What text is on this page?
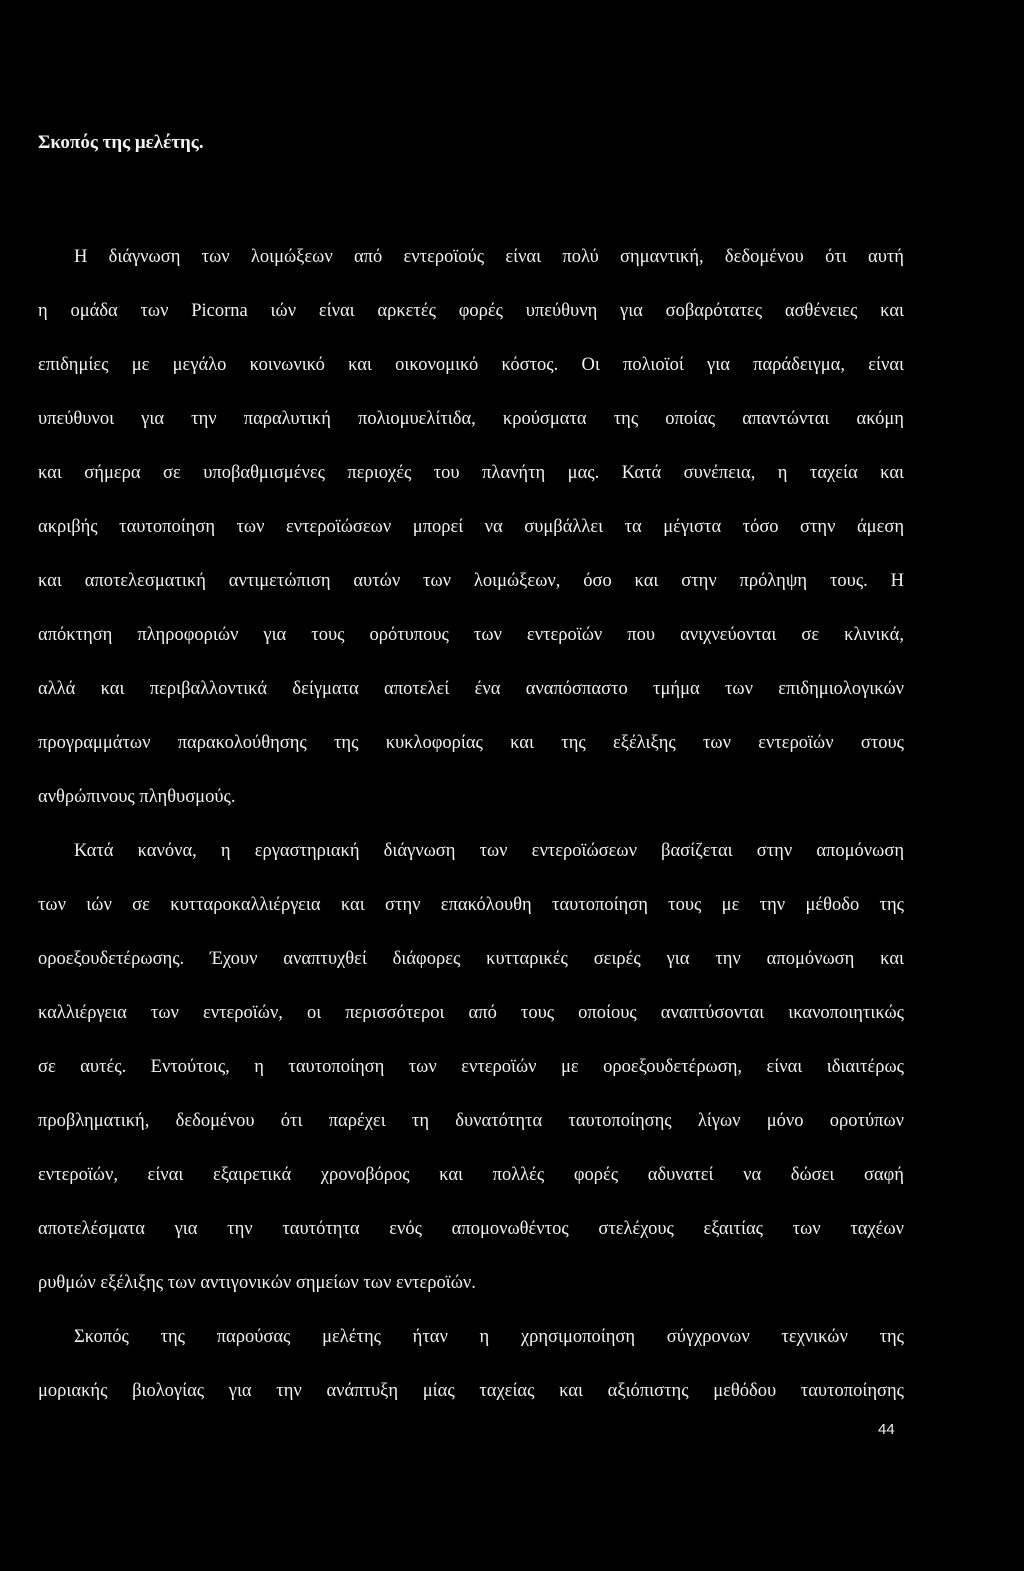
Σκοπός της μελέτης.
Η διάγνωση των λοιμώξεων από εντεροϊούς είναι πολύ σημαντική, δεδομένου ότι αυτή
η ομάδα των Picorna ιών είναι αρκετές φορές υπεύθυνη για σοβαρότατες ασθένειες και
επιδημίες με μεγάλο κοινωνικό και οικονομικό κόστος. Οι πολιοϊοί για παράδειγμα, είναι
υπεύθυνοι για την παραλυτική πολιομυελίτιδα, κρούσματα της οποίας απαντώνται ακόμη
και σήμερα σε υποβαθμισμένες περιοχές του πλανήτη μας. Κατά συνέπεια, η ταχεία και
ακριβής ταυτοποίηση των εντεροϊώσεων μπορεί να συμβάλλει τα μέγιστα τόσο στην άμεση
και αποτελεσματική αντιμετώπιση αυτών των λοιμώξεων, όσο και στην πρόληψη τους. Η
απόκτηση πληροφοριών για τους ορότυπους των εντεροϊών που ανιχνεύονται σε κλινικά,
αλλά και περιβαλλοντικά δείγματα αποτελεί ένα αναπόσπαστο τμήμα των επιδημιολογικών
προγραμμάτων παρακολούθησης της κυκλοφορίας και της εξέλιξης των εντεροϊών στους
ανθρώπινους πληθυσμούς.
Κατά κανόνα, η εργαστηριακή διάγνωση των εντεροϊώσεων βασίζεται στην απομόνωση
των ιών σε κυτταροκαλλιέργεια και στην επακόλουθη ταυτοποίηση τους με την μέθοδο της
οροεξουδετέρωσης. Έχουν αναπτυχθεί διάφορες κυτταρικές σειρές για την απομόνωση και
καλλιέργεια των εντεροϊών, οι περισσότεροι από τους οποίους αναπτύσονται ικανοποιητικώς
σε αυτές. Εντούτοις, η ταυτοποίηση των εντεροϊών με οροεξουδετέρωση, είναι ιδιαιτέρως
προβληματική, δεδομένου ότι παρέχει τη δυνατότητα ταυτοποίησης λίγων μόνο οροτύπων
εντεροϊών, είναι εξαιρετικά χρονοβόρος και πολλές φορές αδυνατεί να δώσει σαφή
αποτελέσματα για την ταυτότητα ενός απομονωθέντος στελέχους εξαιτίας των ταχέων
ρυθμών εξέλιξης των αντιγονικών σημείων των εντεροϊών.
Σκοπός της παρούσας μελέτης ήταν η χρησιμοποίηση σύγχρονων τεχνικών της
μοριακής βιολογίας για την ανάπτυξη μίας ταχείας και αξιόπιστης μεθόδου ταυτοποίησης
44
